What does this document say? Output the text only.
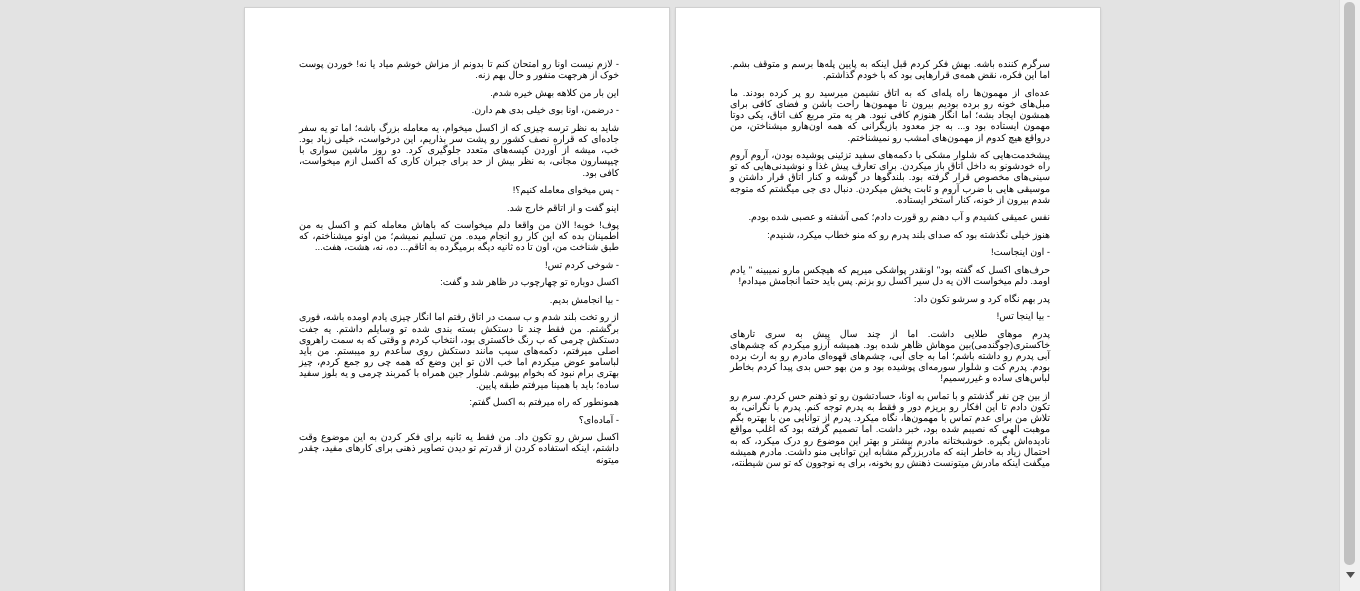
- لازم نیست اونا رو امتحان کنم تا بدونم از مزاش خوشم میاد یا نه! خوردن پوست خوک از هرجهت منفور و حال بهم زنه.

این بار من کلاهه بهش خیره شدم.

- درضمن، اونا بوی خیلی بدی هم دارن.

شاید به نظر ترسه چیزی که از اکسل میخوام، یه معامله بزرگ باشه؛ اما تو یه سفر جاده‌ای که قراره نصف کشور رو پشت سر بذاریم، این درخواست، خیلی زیاد بود. خب، میشه از آوردن کیسه‌های متعدد جلوگیری کرد. دو روز ماشین سواری با چیپسارون مجانی، به نظر بیش از حد برای جبران کاری که اکسل ازم میخواست، کافی بود.

- پس میخوای معامله کنیم؟!

اینو گفت و از اتاقم خارج شد.

پوف! خوبه! الان من واقعا دلم میخواست که باهاش معامله کنم و اکسل به من اطمینان بده که این کار رو انجام میده. من تسلیم نمیشم؛ من اونو میشناختم، که طبق شناخت من، اون تا ده ثانیه دیگه برمیگرده به اتاقم... ده، نه، هشت، هفت...

- شوخی کردم تس!

اکسل دوباره تو چهارچوب در ظاهر شد و گفت:

- بیا انجامش بدیم.

از رو تخت بلند شدم و ب سمت در اتاق رفتم اما انگار چیزی یادم اومده باشه، فوری برگشتم. من فقط چند تا دستکش بسته بندی شده تو وسایلم داشتم. یه جفت دستکش چرمی که ب رنگ خاکستری بود، انتخاب کردم و وقتی که به سمت راهروی اصلی میرفتم، دکمه‌های سیب مانند دستکش روی ساعدم رو میبستم. من باید لباسامو عوض میکردم اما خب الان تو این وضع که همه چی رو جمع کردم، چیز بهتری برام نبود که بخوام بپوشم. شلوار جین همراه با کمربند چرمی و یه بلوز سفید ساده؛ باید با همینا میرفتم طبقه پایین.

همونطور که راه میرفتم به اکسل گفتم:

- آماده‌ای؟

اکسل سرش رو تکون داد. من فقط یه ثانیه برای فکر کردن به این موضوع وقت داشتم، اینکه استفاده کردن از قدرتم تو دیدن تصاویر ذهنی برای کارهای مفید، چقدر میتونه

سرگرم کننده باشه. بهش فکر کردم قبل اینکه به پایین پله‌ها برسم و متوقف بشم. اما این فکره، نقض همه‌ی قرارهایی بود که با خودم گذاشتم.

عده‌ای از مهمون‌ها راه پله‌ای که به اتاق نشیمن میرسید رو پر کرده بودند. ما مبل‌های خونه رو برده بودیم بیرون تا مهمون‌ها راحت باشن و فضای کافی برای همشون ایجاد بشه؛ اما انگار هنوزم کافی نبود. هر یه متر مربع کف اتاق، یکی دوتا مهمون ایستاده بود و... به جز معدود بازیگرانی که همه اون‌هارو میشناختن، من درواقع هیچ کدوم از مهمون‌های امشب رو نمیشناختم.

پیشخدمت‌هایی که شلوار مشکی با دکمه‌های سفید تزئینی پوشیده بودن، آروم آروم راه خودشونو به داخل اتاق باز میکردن. برای تعارف پیش غذا و نوشیدنی‌هایی که تو سینی‌های مخصوص قرار گرفته بود. بلندگوها در گوشه و کنار اتاق قرار داشتن و موسیقی هایی با ضرب آروم و ثابت پخش میکردن. دنبال دی جی میگشتم که متوجه شدم بیرون از خونه، کنار استخر ایستاده.

نفس عمیقی کشیدم و آب دهنم رو قورت دادم؛ کمی آشفته و عصبی شده بودم.

هنوز خیلی نگذشته بود که صدای بلند پدرم رو که منو خطاب میکرد، شنیدم:

- اون اینجاست!

حرف‌های اکسل که گفته بود" اونقدر پواشکی میریم که هیچکس مارو نمیبینه " یادم اومد. دلم میخواست الان یه دل سیر اکسل رو بزنم. پس باید حتما انجامش میدادم!

پدر بهم نگاه کرد و سرشو تکون داد:

- بیا اینجا تس!

پدرم موهای طلایی داشت. اما از چند سال پیش به سری تارهای خاکستری(جوگندمی)بین موهاش ظاهر شده بود. همیشه آرزو میکردم که چشم‌های آبی پدرم رو داشته باشم؛ اما به جای آبی، چشم‌های قهوه‌ای مادرم رو به ارث برده بودم. پدرم کت و شلوار سورمه‌ای پوشیده بود و من بهو حس بدی پیدا کردم بخاطر لباس‌های ساده و غیررسمیم!

از بین چن نفر گذشتم و با تماس به اونا، حسادتشون رو تو ذهنم حس کردم. سرم رو تکون دادم تا این افکار رو بریزم دور و فقط به پدرم توجه کنم. پدرم با نگرانی، به تلاش من برای عدم تماس با مهمون‌ها، نگاه میکرد. پدرم از توانایی من با بهتره بگم موهبت الهی که نصیبم شده بود، خبر داشت. اما تصمیم گرفته بود که اغلب مواقع نادیده‌اش بگیره. خوشبختانه مادرم بیشتر و بهتر این موضوع رو درک میکرد، که به احتمال زیاد به خاطر اینه که مادربزرگم مشابه این توانایی منو داشت. مادرم همیشه میگفت اینکه مادرش میتونست ذهنش رو بخونه، برای یه نوجوون که تو سن شیطنته،
